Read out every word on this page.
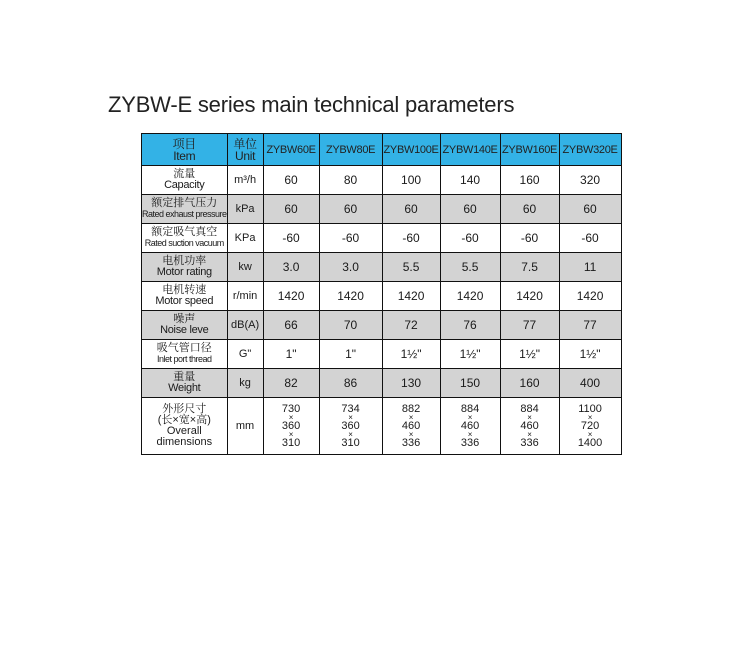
ZYBW-E series main technical parameters
项目
Item	单位
Unit	ZYBW60E	ZYBW80E	ZYBW100E	ZYBW140E	ZYBW160E	ZYBW320E

流量
Capacity	m³/h	60	80	100	140	160	320

额定排气压力
Rated exhaust pressure	kPa	60	60	60	60	60	60

额定吸气真空
Rated suction vacuum	KPa	-60	-60	-60	-60	-60	-60

电机功率
Motor rating	kw	3.0	3.0	5.5	5.5	7.5	11

电机转速
Motor speed	r/min	1420	1420	1420	1420	1420	1420

噪声
Noise leve	dB(A)	66	70	72	76	77	77

吸气管口径
Inlet port thread	G"	1"	1"	1½"	1½"	1½"	1½"

重量
Weight	kg	82	86	130	150	160	400

外形尺寸
(长×宽×高)
Overall
dimensions	mm	730
×
360
×
310	734
×
360
×
310	882
×
460
×
336	884
×
460
×
336	884
×
460
×
336	1100
×
720
×
1400
